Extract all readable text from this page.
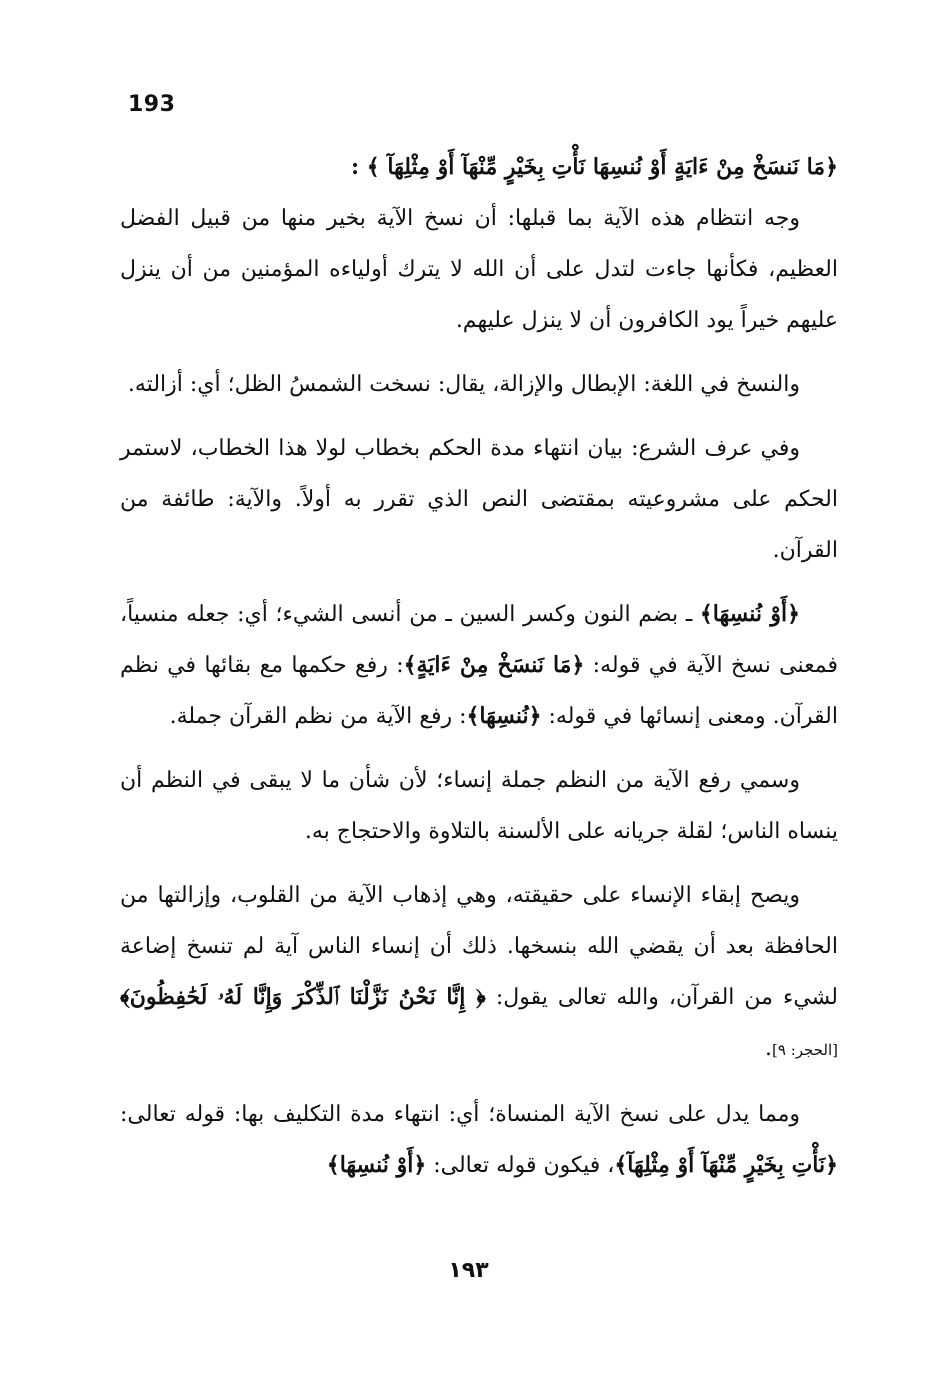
193

﴿مَا نَنسَخْ مِنْ ءَايَةٍ أَوْ نُنسِهَا نَأْتِ بِخَيْرٍ مِّنْهَآ أَوْ مِثْلِهَآ ﴾ :

وجه انتظام هذه الآية بما قبلها: أن نسخ الآية بخير منها من قبيل الفضل العظيم، فكأنها جاءت لتدل على أن الله لا يترك أولياءه المؤمنين من أن ينزل عليهم خيراً يود الكافرون أن لا ينزل عليهم.

والنسخ في اللغة: الإبطال والإزالة، يقال: نسخت الشمسُ الظل؛ أي: أزالته.

وفي عرف الشرع: بيان انتهاء مدة الحكم بخطاب لولا هذا الخطاب، لاستمر الحكم على مشروعيته بمقتضى النص الذي تقرر به أولاً. والآية: طائفة من القرآن.

﴿أَوْ نُنسِهَا﴾ ـ بضم النون وكسر السين ـ من أنسى الشيء؛ أي: جعله منسياً، فمعنى نسخ الآية في قوله: ﴿مَا نَنسَخْ مِنْ ءَايَةٍ﴾: رفع حكمها مع بقائها في نظم القرآن. ومعنى إنسائها في قوله: ﴿نُنسِهَا﴾: رفع الآية من نظم القرآن جملة.

وسمي رفع الآية من النظم جملة إنساء؛ لأن شأن ما لا يبقى في النظم أن ينساه الناس؛ لقلة جريانه على الألسنة بالتلاوة والاحتجاج به.

ويصح إبقاء الإنساء على حقيقته، وهي إذهاب الآية من القلوب، وإزالتها من الحافظة بعد أن يقضي الله بنسخها. ذلك أن إنساء الناس آية لم تنسخ إضاعة لشيء من القرآن، والله تعالى يقول: ﴿ إِنَّا نَحْنُ نَزَّلْنَا ٱلذِّكْرَ وَإِنَّا لَهُۥ لَحَٰفِظُونَ﴾[الحجر: ٩].

ومما يدل على نسخ الآية المنساة؛ أي: انتهاء مدة التكليف بها: قوله تعالى: ﴿نَأْتِ بِخَيْرٍ مِّنْهَآ أَوْ مِثْلِهَآ﴾، فيكون قوله تعالى: ﴿أَوْ نُنسِهَا﴾

١٩٣
